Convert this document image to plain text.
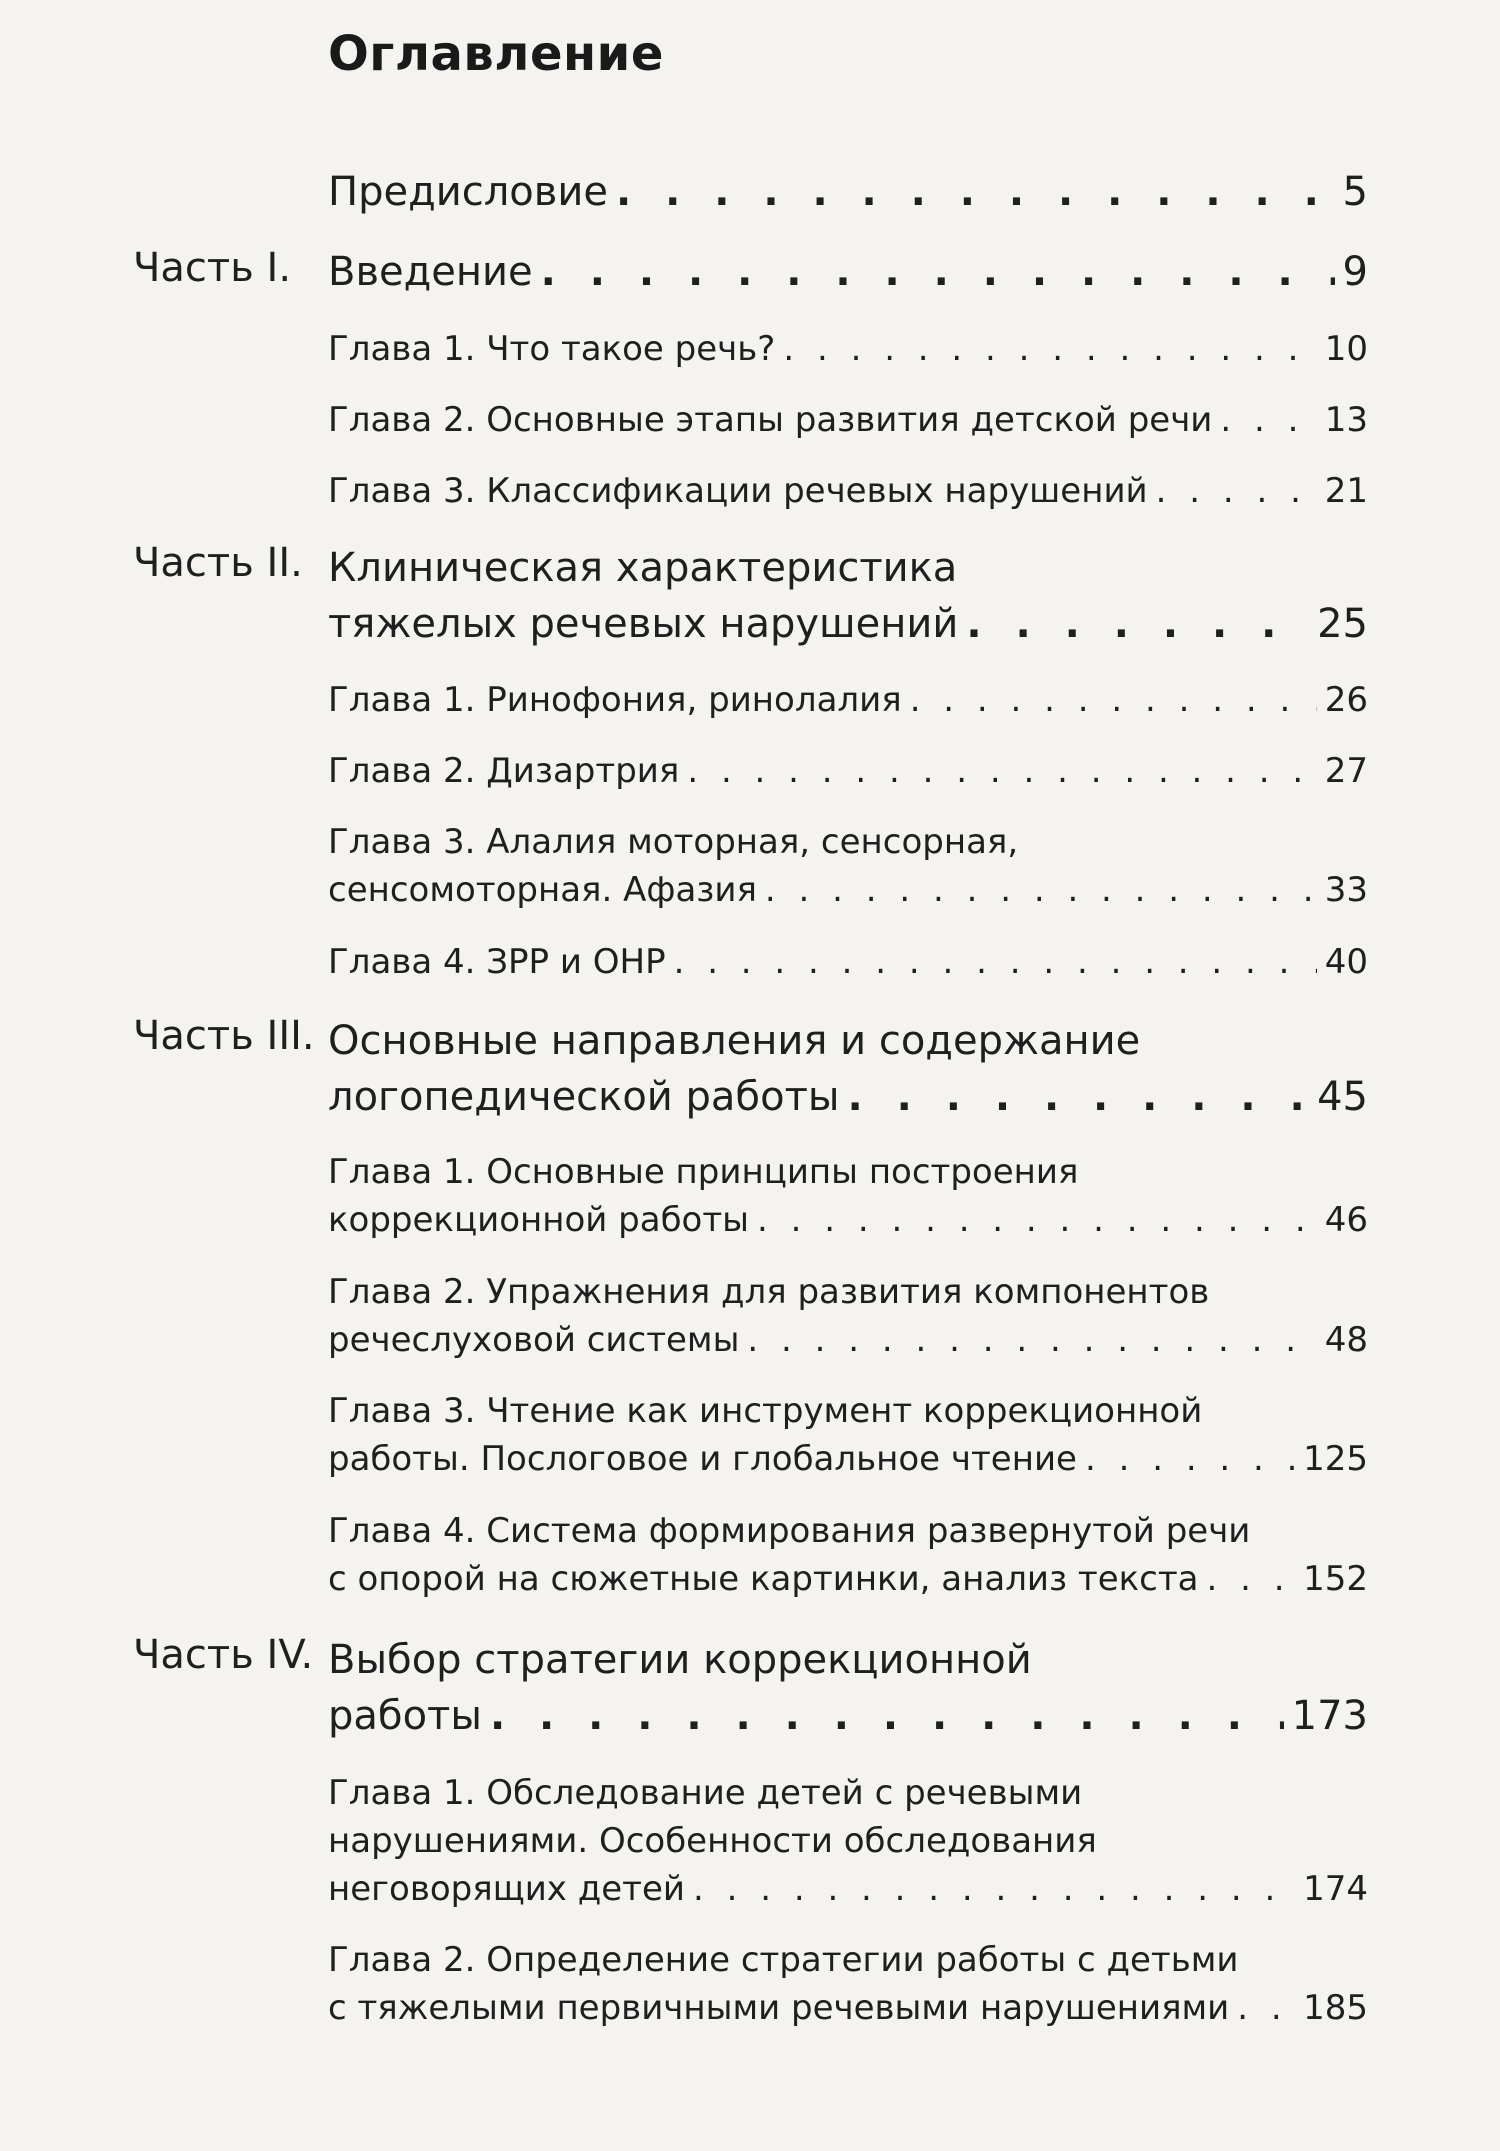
Оглавление
Предисловие . . .	5
Часть I. Введение . . .	9
Глава 1. Что такое речь? . . .	10
Глава 2. Основные этапы развития детской речи . . .	13
Глава 3. Классификации речевых нарушений . . .	21
Часть II. Клиническая характеристика
тяжелых речевых нарушений . . .	25
Глава 1. Ринофония, ринолалия . . .	26
Глава 2. Дизартрия . . .	27
Глава 3. Алалия моторная, сенсорная,
сенсомоторная. Афазия . . .	33
Глава 4. ЗРР и ОНР . . .	40
Часть III. Основные направления и содержание
логопедической работы . . .	45
Глава 1. Основные принципы построения
коррекционной работы . . .	46
Глава 2. Упражнения для развития компонентов
речеслуховой системы . . .	48
Глава 3. Чтение как инструмент коррекционной
работы. Послоговое и глобальное чтение . . .	125
Глава 4. Система формирования развернутой речи
с опорой на сюжетные картинки, анализ текста . . .	152
Часть IV. Выбор стратегии коррекционной
работы . . .	173
Глава 1. Обследование детей с речевыми
нарушениями. Особенности обследования
неговорящих детей . . .	174
Глава 2. Определение стратегии работы с детьми
с тяжелыми первичными речевыми нарушениями . . . 185
